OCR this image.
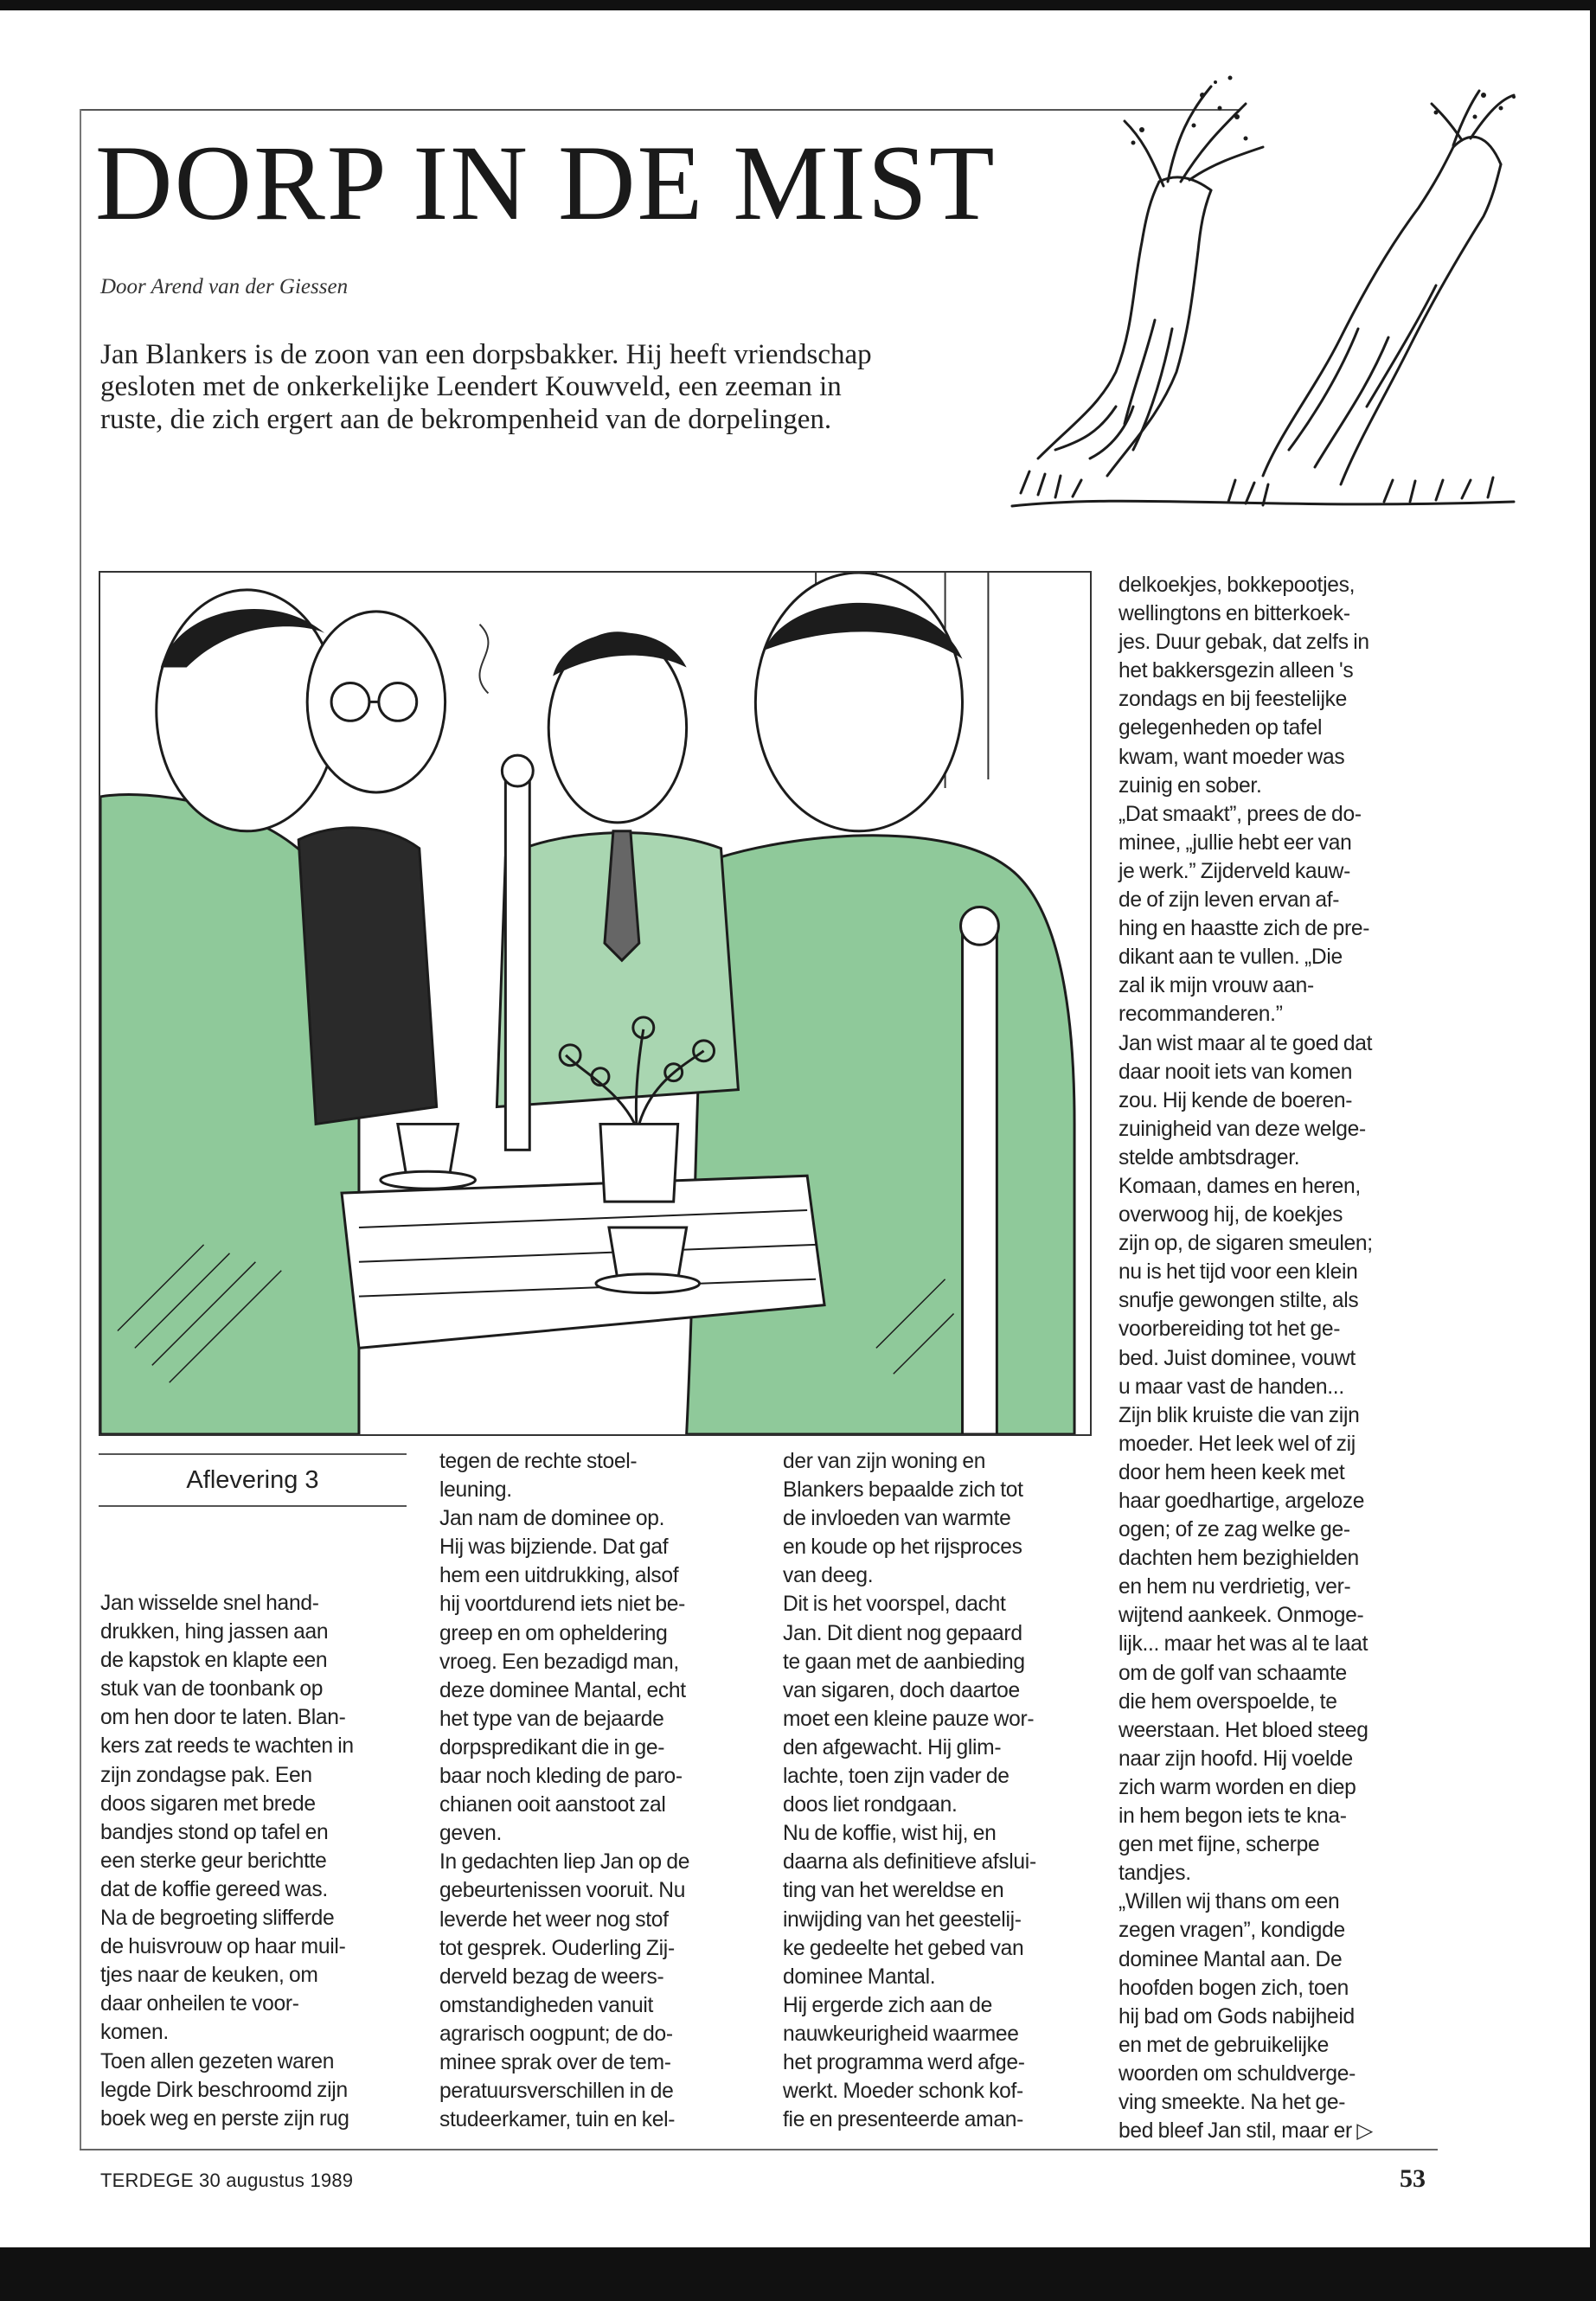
DORP IN DE MIST
Door Arend van der Giessen
Jan Blankers is de zoon van een dorpsbakker. Hij heeft vriendschap gesloten met de onkerkelijke Leendert Kouwveld, een zeeman in ruste, die zich ergert aan de bekrompenheid van de dorpelingen.
Aflevering 3
Jan wisselde snel hand-
drukken, hing jassen aan
de kapstok en klapte een
stuk van de toonbank op
om hen door te laten. Blan-
kers zat reeds te wachten in
zijn zondagse pak. Een
doos sigaren met brede
bandjes stond op tafel en
een sterke geur berichtte
dat de koffie gereed was.
Na de begroeting slifferde
de huisvrouw op haar muil-
tjes naar de keuken, om
daar onheilen te voor-
komen.
Toen allen gezeten waren
legde Dirk beschroomd zijn
boek weg en perste zijn rug
tegen de rechte stoel-
leuning.
Jan nam de dominee op.
Hij was bijziende. Dat gaf
hem een uitdrukking, alsof
hij voortdurend iets niet be-
greep en om opheldering
vroeg. Een bezadigd man,
deze dominee Mantal, echt
het type van de bejaarde
dorpspredikant die in ge-
baar noch kleding de paro-
chianen ooit aanstoot zal
geven.
In gedachten liep Jan op de
gebeurtenissen vooruit. Nu
leverde het weer nog stof
tot gesprek. Ouderling Zij-
derveld bezag de weers-
omstandigheden vanuit
agrarisch oogpunt; de do-
minee sprak over de tem-
peratuursverschillen in de
studeerkamer, tuin en kel-
der van zijn woning en
Blankers bepaalde zich tot
de invloeden van warmte
en koude op het rijsproces
van deeg.
Dit is het voorspel, dacht
Jan. Dit dient nog gepaard
te gaan met de aanbieding
van sigaren, doch daartoe
moet een kleine pauze wor-
den afgewacht. Hij glim-
lachte, toen zijn vader de
doos liet rondgaan.
Nu de koffie, wist hij, en
daarna als definitieve afslui-
ting van het wereldse en
inwijding van het geestelij-
ke gedeelte het gebed van
dominee Mantal.
Hij ergerde zich aan de
nauwkeurigheid waarmee
het programma werd afge-
werkt. Moeder schonk kof-
fie en presenteerde aman-
delkoekjes, bokkepootjes,
wellingtons en bitterkoek-
jes. Duur gebak, dat zelfs in
het bakkersgezin alleen 's
zondags en bij feestelijke
gelegenheden op tafel
kwam, want moeder was
zuinig en sober.
„Dat smaakt”, prees de do-
minee, „jullie hebt eer van
je werk.” Zijderveld kauw-
de of zijn leven ervan af-
hing en haastte zich de pre-
dikant aan te vullen. „Die
zal ik mijn vrouw aan-
recommanderen.”
Jan wist maar al te goed dat
daar nooit iets van komen
zou. Hij kende de boeren-
zuinigheid van deze welge-
stelde ambtsdrager.
Komaan, dames en heren,
overwoog hij, de koekjes
zijn op, de sigaren smeulen;
nu is het tijd voor een klein
snufje gewongen stilte, als
voorbereiding tot het ge-
bed. Juist dominee, vouwt
u maar vast de handen...
Zijn blik kruiste die van zijn
moeder. Het leek wel of zij
door hem heen keek met
haar goedhartige, argeloze
ogen; of ze zag welke ge-
dachten hem bezighielden
en hem nu verdrietig, ver-
wijtend aankeek. Onmoge-
lijk... maar het was al te laat
om de golf van schaamte
die hem overspoelde, te
weerstaan. Het bloed steeg
naar zijn hoofd. Hij voelde
zich warm worden en diep
in hem begon iets te kna-
gen met fijne, scherpe
tandjes.
„Willen wij thans om een
zegen vragen”, kondigde
dominee Mantal aan. De
hoofden bogen zich, toen
hij bad om Gods nabijheid
en met de gebruikelijke
woorden om schuldverge-
ving smeekte. Na het ge-
bed bleef Jan stil, maar er ▷
TERDEGE 30 augustus 1989	53
